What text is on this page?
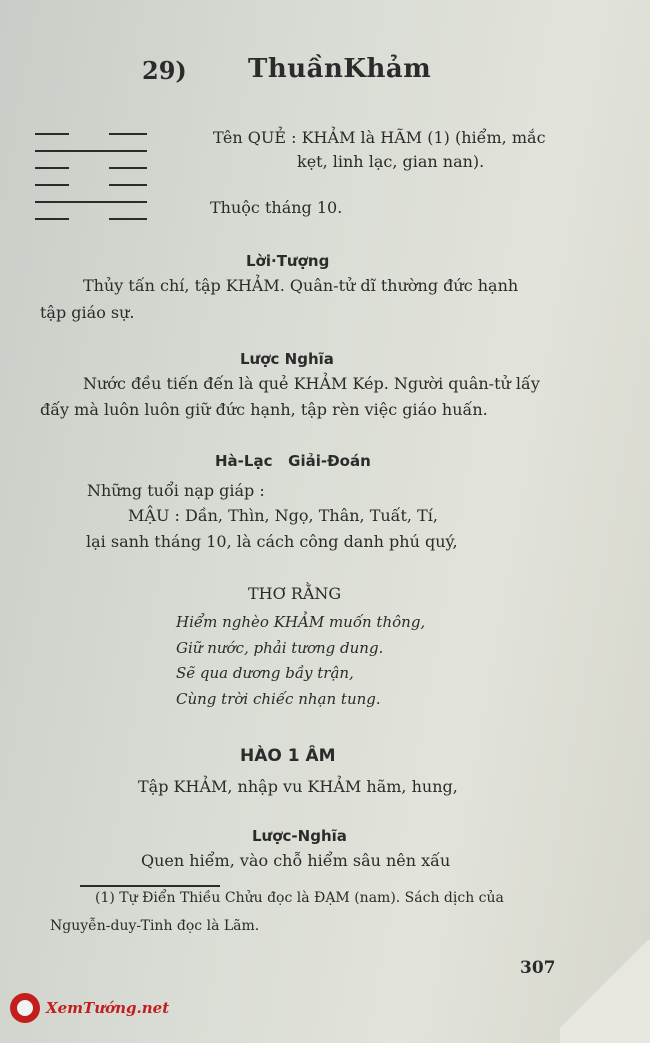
29) ThuầnKhảm
Tên QUẺ : KHẢM là HÃM (1) (hiểm, mắc
kẹt, linh lạc, gian nan).
Thuộc tháng 10.
Lời·Tượng
Thủy tấn chí, tập KHẢM. Quân-tử dĩ thường đức hạnh
tập giáo sự.
Lược Nghĩa
Nước đều tiến đến là quẻ KHẢM Kép. Người quân-tử lấy
đấy mà luôn luôn giữ đức hạnh, tập rèn việc giáo huấn.
Hà-Lạc   Giải-Đoán
Những tuổi nạp giáp :
MẬU : Dần, Thìn, Ngọ, Thân, Tuất, Tí,
lại sanh tháng 10, là cách công danh phú quý,
THƠ RẰNG
Hiểm nghèo KHẢM muốn thông,
Giữ nước, phải tương dung.
Sẽ qua dương bầy trận,
Cùng trời chiếc nhạn tung.
HÀO 1 ÂM
Tập KHẢM, nhập vu KHẢM hãm, hung,
Lược-Nghĩa
Quen hiểm, vào chỗ hiểm sâu nên xấu
(1) Tự Điển Thiều Chửu đọc là ĐẠM (nam). Sách dịch của
Nguyễn-duy-Tinh đọc là Lãm.
307
XemTướng.net
